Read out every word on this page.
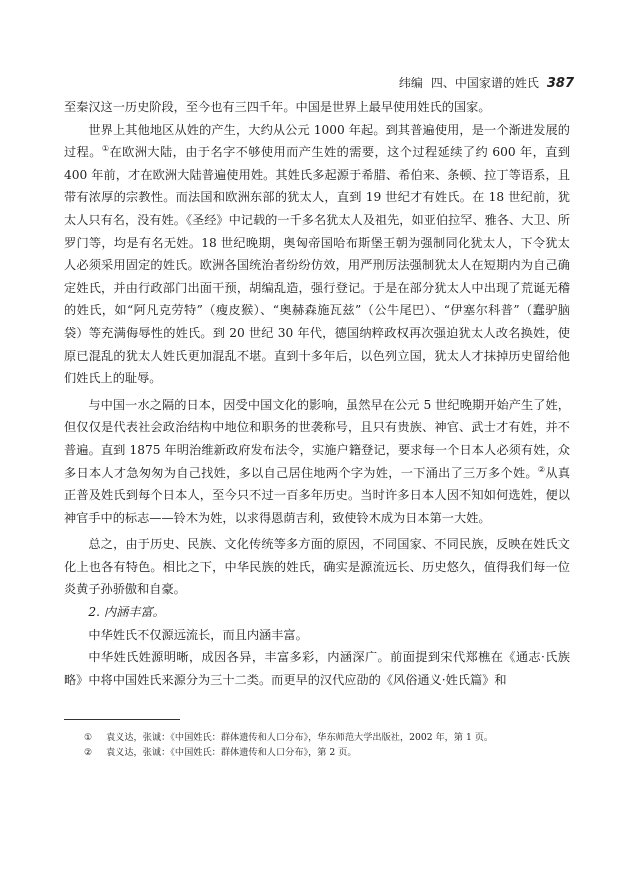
纬编 四、中国家谱的姓氏 387

至秦汉这一历史阶段，至今也有三四千年。中国是世界上最早使用姓氏的国家。

世界上其他地区从姓的产生，大约从公元 1000 年起。到其普遍使用，是一个渐进发展的过程。①在欧洲大陆，由于名字不够使用而产生姓的需要，这个过程延续了约 600 年，直到 400 年前，才在欧洲大陆普遍使用姓。其姓氏多起源于希腊、希伯来、条顿、拉丁等语系，且带有浓厚的宗教性。而法国和欧洲东部的犹太人，直到 19 世纪才有姓氏。在 18 世纪前，犹太人只有名，没有姓。《圣经》中记载的一千多名犹太人及祖先，如亚伯拉罕、雅各、大卫、所罗门等，均是有名无姓。18 世纪晚期，奥匈帝国哈布斯堡王朝为强制同化犹太人，下令犹太人必须采用固定的姓氏。欧洲各国统治者纷纷仿效，用严刑厉法强制犹太人在短期内为自己确定姓氏，并由行政部门出面干预，胡编乱造，强行登记。于是在部分犹太人中出现了荒诞无稽的姓氏，如“阿凡克劳特”（瘦皮猴）、“奥赫森施瓦兹”（公牛尾巴）、“伊塞尔科普”（蠢驴脑袋）等充满侮辱性的姓氏。到 20 世纪 30 年代，德国纳粹政权再次强迫犹太人改名换姓，使原已混乱的犹太人姓氏更加混乱不堪。直到十多年后，以色列立国，犹太人才抹掉历史留给他们姓氏上的耻辱。

与中国一水之隔的日本，因受中国文化的影响，虽然早在公元 5 世纪晚期开始产生了姓，但仅仅是代表社会政治结构中地位和职务的世袭称号，且只有贵族、神官、武士才有姓，并不普遍。直到 1875 年明治维新政府发布法令，实施户籍登记，要求每一个日本人必须有姓，众多日本人才急匆匆为自己找姓，多以自己居住地两个字为姓，一下涌出了三万多个姓。②从真正普及姓氏到每个日本人，至今只不过一百多年历史。当时许多日本人因不知如何选姓，便以神官手中的标志——铃木为姓，以求得恩荫吉利，致使铃木成为日本第一大姓。

总之，由于历史、民族、文化传统等多方面的原因，不同国家、不同民族，反映在姓氏文化上也各有特色。相比之下，中华民族的姓氏，确实是源流远长、历史悠久，值得我们每一位炎黄子孙骄傲和自豪。

2. 内涵丰富。

中华姓氏不仅源远流长，而且内涵丰富。

中华姓氏姓源明晰，成因各异，丰富多彩，内涵深广。前面提到宋代郑樵在《通志·氏族略》中将中国姓氏来源分为三十二类。而更早的汉代应劭的《风俗通义·姓氏篇》和

①	袁义达，张诚：《中国姓氏：群体遗传和人口分布》，华东师范大学出版社，2002 年，第 1 页。
②	袁义达，张诚：《中国姓氏：群体遗传和人口分布》，第 2 页。
